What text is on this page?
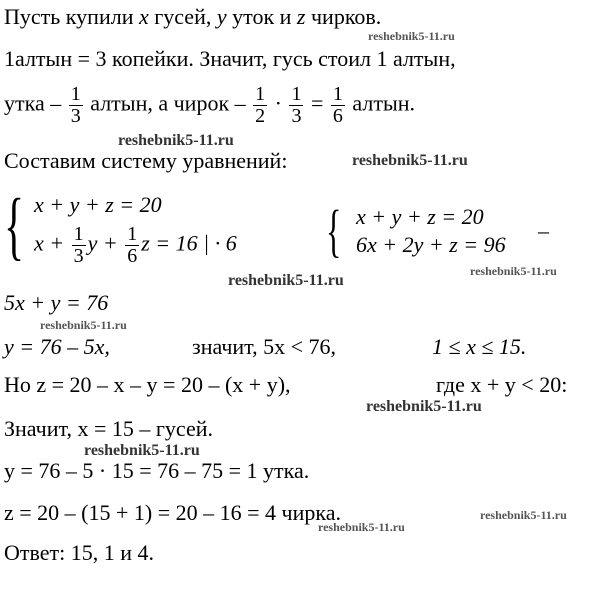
Пусть купили x гусей, y уток и z чирков.
reshebnik5-11.ru
1алтын = 3 копейки. Значит, гусь стоил 1 алтын,
утка – $\frac{1}{3}$ алтын, а чирок – $\frac{1}{2} \cdot \frac{1}{3} = \frac{1}{6}$ алтын.
reshebnik5-11.ru
Составим систему уравнений:	reshebnik5-11.ru
{ x + y + z = 20
$x + \frac{1}{3}$ $y + \frac{1}{6}$ z = 16 | · 6 { x + y + z = 20
6x + 2y + z = 96
–
reshebnik5-11.ru
reshebnik5-11.ru
5x + y = 76
reshebnik5-11.ru
y = 76 – 5x,	значит, 5x < 76,	1 ≤ x ≤ 15.
Но z = 20 – x – y = 20 – (x + y),	где x + y < 20:
reshebnik5-11.ru
Значит, x = 15 – гусей.
reshebnik5-11.ru
y = 76 – 5 · 15 = 76 – 75 = 1 утка.
z = 20 – (15 + 1) = 20 – 16 = 4 чирка.	reshebnik5-11.ru
reshebnik5-11.ru
Ответ: 15, 1 и 4.
